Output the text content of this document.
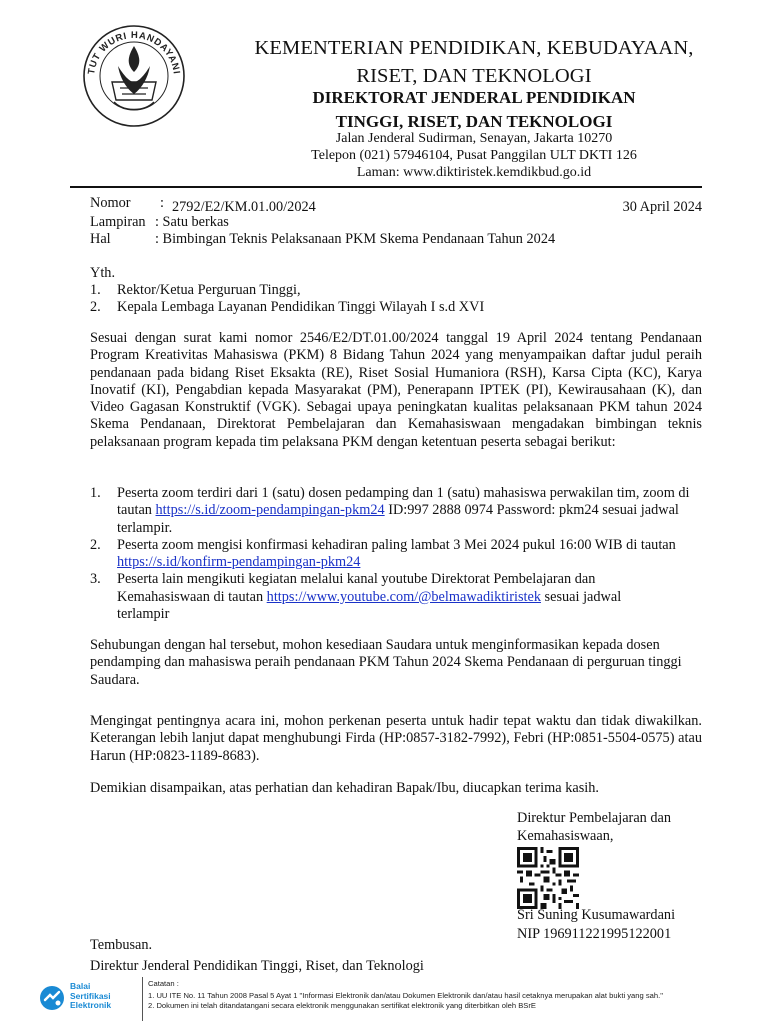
TUT WURI HANDAYANI
KEMENTERIAN PENDIDIKAN, KEBUDAYAAN,
RISET, DAN TEKNOLOGI
DIREKTORAT JENDERAL PENDIDIKAN
TINGGI, RISET, DAN TEKNOLOGI
Jalan Jenderal Sudirman, Senayan, Jakarta 10270
Telepon (021) 57946104, Pusat Panggilan ULT DKTI 126
Laman: www.diktiristek.kemdikbud.go.id
Nomor : 2792/E2/KM.01.00/2024	30 April 2024
Lampiran : Satu berkas
Hal	: Bimbingan Teknis Pelaksanaan PKM Skema Pendanaan Tahun 2024
Yth.
1. Rektor/Ketua Perguruan Tinggi,
2. Kepala Lembaga Layanan Pendidikan Tinggi Wilayah I s.d XVI
Sesuai dengan surat kami nomor 2546/E2/DT.01.00/2024 tanggal 19 April 2024 tentang Pendanaan Program Kreativitas Mahasiswa (PKM) 8 Bidang Tahun 2024 yang menyampaikan daftar judul peraih pendanaan pada bidang Riset Eksakta (RE), Riset Sosial Humaniora (RSH), Karsa Cipta (KC), Karya Inovatif (KI), Pengabdian kepada Masyarakat (PM), Penerapann IPTEK (PI), Kewirausahaan (K), dan Video Gagasan Konstruktif (VGK). Sebagai upaya peningkatan kualitas pelaksanaan PKM tahun 2024 Skema Pendanaan, Direktorat Pembelajaran dan Kemahasiswaan mengadakan bimbingan teknis pelaksanaan program kepada tim pelaksana PKM dengan ketentuan peserta sebagai berikut:
1.	Peserta zoom terdiri dari 1 (satu) dosen pedamping dan 1 (satu) mahasiswa perwakilan tim, zoom di tautan https://s.id/zoom-pendampingan-pkm24 ID:997 2888 0974 Password: pkm24 sesuai jadwal terlampir.
2.	Peserta zoom mengisi konfirmasi kehadiran paling lambat 3 Mei 2024 pukul 16:00 WIB di tautan https://s.id/konfirm-pendampingan-pkm24
3.	Peserta lain mengikuti kegiatan melalui kanal youtube Direktorat Pembelajaran dan Kemahasiswaan di tautan https://www.youtube.com/@belmawadiktiristek sesuai jadwal terlampir
Sehubungan dengan hal tersebut, mohon kesediaan Saudara untuk menginformasikan kepada dosen pendamping dan mahasiswa peraih pendanaan PKM Tahun 2024 Skema Pendanaan di perguruan tinggi Saudara.
Mengingat pentingnya acara ini, mohon perkenan peserta untuk hadir tepat waktu dan tidak diwakilkan. Keterangan lebih lanjut dapat menghubungi Firda (HP:0857-3182-7992), Febri (HP:0851-5504-0575) atau Harun (HP:0823-1189-8683).
Demikian disampaikan, atas perhatian dan kehadiran Bapak/Ibu, diucapkan terima kasih.
Direktur Pembelajaran dan
Kemahasiswaan,
Sri Suning Kusumawardani
NIP 196911221995122001
Tembusan.
Direktur Jenderal Pendidikan Tinggi, Riset, dan Teknologi
Balai
Sertifikasi
Elektronik
Catatan :
1. UU ITE No. 11 Tahun 2008 Pasal 5 Ayat 1 "Informasi Elektronik dan/atau Dokumen Elektronik dan/atau hasil cetaknya merupakan alat bukti yang sah."
2. Dokumen ini telah ditandatangani secara elektronik menggunakan sertifikat elektronik yang diterbitkan oleh BSrE
